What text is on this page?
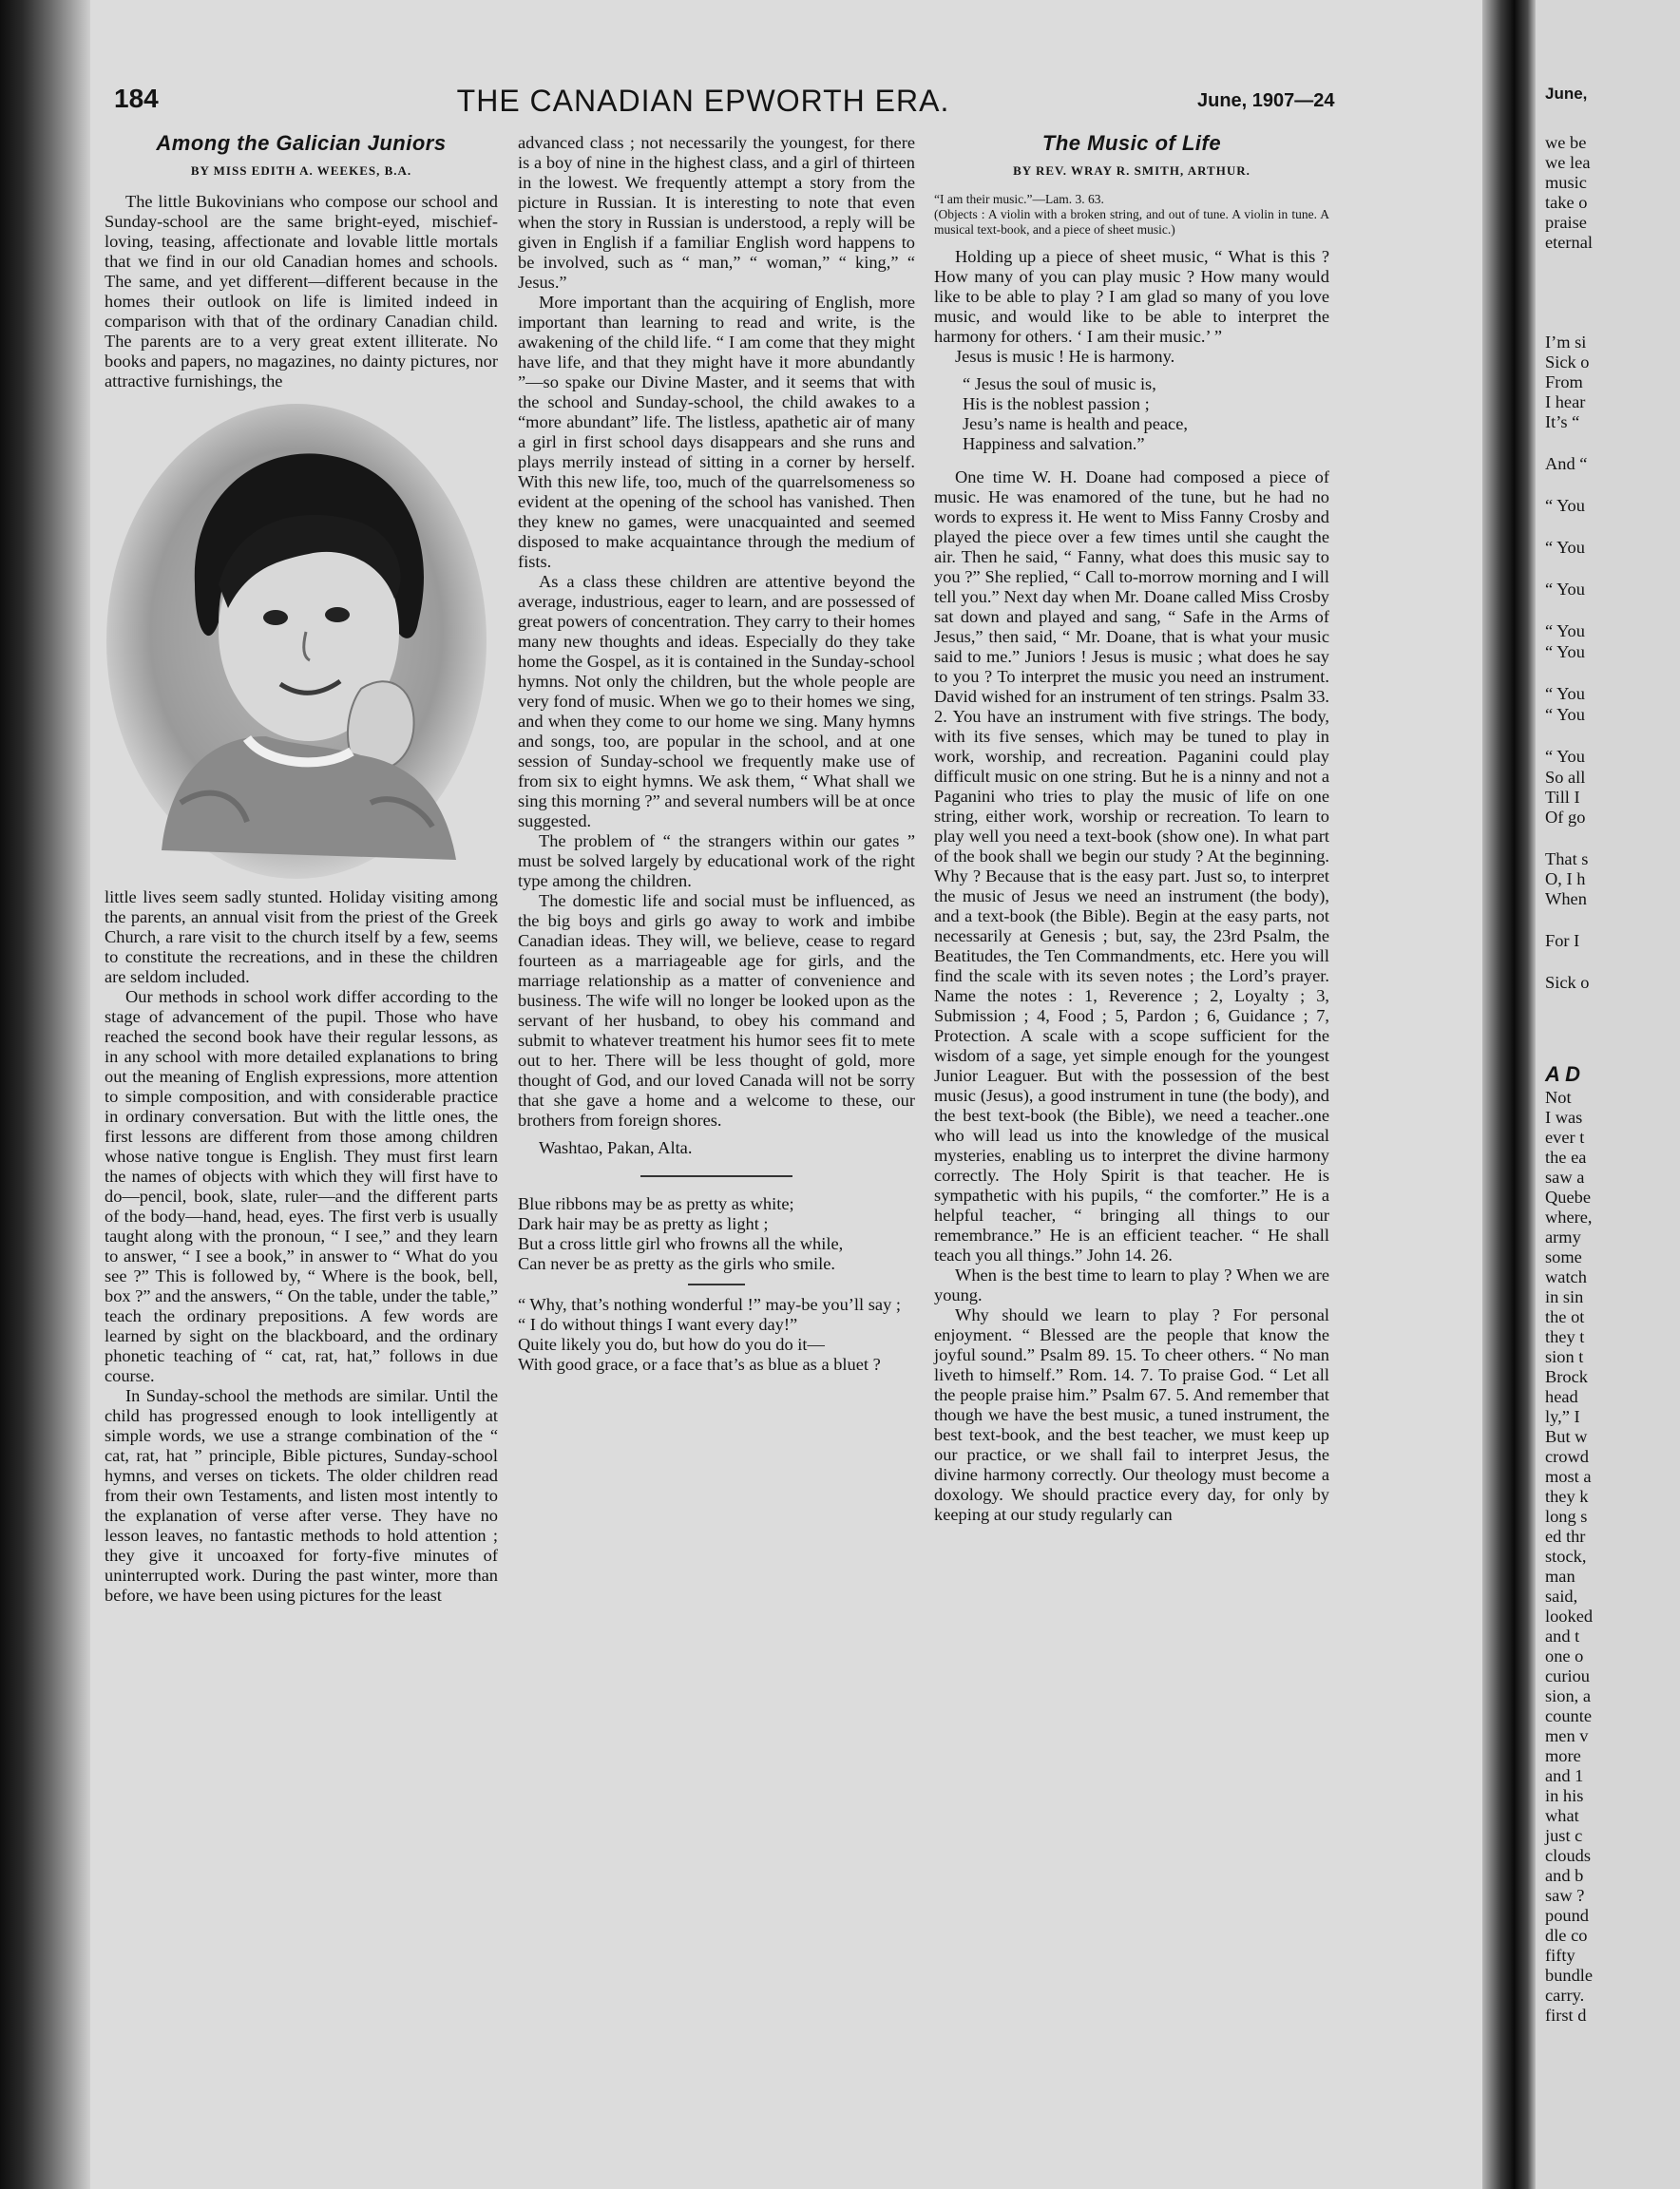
184	THE CANADIAN EPWORTH ERA.	June, 1907—24
Among the Galician Juniors

BY MISS EDITH A. WEEKES, B.A.

The little Bukovinians who compose our school and Sunday-school are the same bright-eyed, mischief-loving, teasing, affectionate and lovable little mortals that we find in our old Canadian homes and schools. The same, and yet different—different because in the homes their outlook on life is limited indeed in comparison with that of the ordinary Canadian child. The parents are to a very great extent illiterate. No books and papers, no magazines, no dainty pictures, nor attractive furnishings, the

little lives seem sadly stunted. Holiday visiting among the parents, an annual visit from the priest of the Greek Church, a rare visit to the church itself by a few, seems to constitute the recreations, and in these the children are seldom included.

Our methods in school work differ according to the stage of advancement of the pupil. Those who have reached the second book have their regular lessons, as in any school with more detailed explanations to bring out the meaning of English expressions, more attention to simple composition, and with considerable practice in ordinary conversation. But with the little ones, the first lessons are different from those among children whose native tongue is English. They must first learn the names of objects with which they will first have to do—pencil, book, slate, ruler—and the different parts of the body—hand, head, eyes. The first verb is usually taught along with the pronoun, “ I see,” and they learn to answer, “ I see a book,” in answer to “ What do you see ?” This is followed by, “ Where is the book, bell, box ?” and the answers, “ On the table, under the table,” teach the ordinary prepositions. A few words are learned by sight on the blackboard, and the ordinary phonetic teaching of “ cat, rat, hat,” follows in due course.

In Sunday-school the methods are similar. Until the child has progressed enough to look intelligently at simple words, we use a strange combination of the “ cat, rat, hat ” principle, Bible pictures, Sunday-school hymns, and verses on tickets. The older children read from their own Testaments, and listen most intently to the explanation of verse after verse. They have no lesson leaves, no fantastic methods to hold attention ; they give it uncoaxed for forty-five minutes of uninterrupted work. During the past winter, more than before, we have been using pictures for the least

advanced class ; not necessarily the youngest, for there is a boy of nine in the highest class, and a girl of thirteen in the lowest. We frequently attempt a story from the picture in Russian. It is interesting to note that even when the story in Russian is understood, a reply will be given in English if a familiar English word happens to be involved, such as “ man,” “ woman,” “ king,” “ Jesus.”

More important than the acquiring of English, more important than learning to read and write, is the awakening of the child life. “ I am come that they might have life, and that they might have it more abundantly ”—so spake our Divine Master, and it seems that with the school and Sunday-school, the child awakes to a “more abundant” life. The listless, apathetic air of many a girl in first school days disappears and she runs and plays merrily instead of sitting in a corner by herself. With this new life, too, much of the quarrelsomeness so evident at the opening of the school has vanished. Then they knew no games, were unacquainted and seemed disposed to make acquaintance through the medium of fists.

As a class these children are attentive beyond the average, industrious, eager to learn, and are possessed of great powers of concentration. They carry to their homes many new thoughts and ideas. Especially do they take home the Gospel, as it is contained in the Sunday-school hymns. Not only the children, but the whole people are very fond of music. When we go to their homes we sing, and when they come to our home we sing. Many hymns and songs, too, are popular in the school, and at one session of Sunday-school we frequently make use of from six to eight hymns. We ask them, “ What shall we sing this morning ?” and several numbers will be at once suggested.

The problem of “ the strangers within our gates ” must be solved largely by educational work of the right type among the children.

The domestic life and social must be influenced, as the big boys and girls go away to work and imbibe Canadian ideas. They will, we believe, cease to regard fourteen as a marriageable age for girls, and the marriage relationship as a matter of convenience and business. The wife will no longer be looked upon as the servant of her husband, to obey his command and submit to whatever treatment his humor sees fit to mete out to her. There will be less thought of gold, more thought of God, and our loved Canada will not be sorry that she gave a home and a welcome to these, our brothers from foreign shores.

Washtao, Pakan, Alta.

Blue ribbons may be as pretty as white;
Dark hair may be as pretty as light ;
But a cross little girl who frowns all the while,
Can never be as pretty as the girls who smile.
“ Why, that’s nothing wonderful !” may-be you’ll say ;
“ I do without things I want every day!”
Quite likely you do, but how do you do it—
With good grace, or a face that’s as blue as a bluet ?
The Music of Life

BY REV. WRAY R. SMITH, ARTHUR.

“I am their music.”—Lam. 3. 63.

(Objects : A violin with a broken string, and out of tune. A violin in tune. A musical text-book, and a piece of sheet music.)

Holding up a piece of sheet music, “ What is this ? How many of you can play music ? How many would like to be able to play ? I am glad so many of you love music, and would like to be able to interpret the harmony for others. ‘ I am their music.’ ”

Jesus is music ! He is harmony.

“ Jesus the soul of music is,
His is the noblest passion ;
Jesu’s name is health and peace,
Happiness and salvation.”

One time W. H. Doane had composed a piece of music. He was enamored of the tune, but he had no words to express it. He went to Miss Fanny Crosby and played the piece over a few times until she caught the air. Then he said, “ Fanny, what does this music say to you ?” She replied, “ Call to-morrow morning and I will tell you.” Next day when Mr. Doane called Miss Crosby sat down and played and sang, “ Safe in the Arms of Jesus,” then said, “ Mr. Doane, that is what your music said to me.” Juniors ! Jesus is music ; what does he say to you ? To interpret the music you need an instrument. David wished for an instrument of ten strings. Psalm 33. 2. You have an instrument with five strings. The body, with its five senses, which may be tuned to play in work, worship, and recreation. Paganini could play difficult music on one string. But he is a ninny and not a Paganini who tries to play the music of life on one string, either work, worship or recreation. To learn to play well you need a text-book (show one). In what part of the book shall we begin our study ? At the beginning. Why ? Because that is the easy part. Just so, to interpret the music of Jesus we need an instrument (the body), and a text-book (the Bible). Begin at the easy parts, not necessarily at Genesis ; but, say, the 23rd Psalm, the Beatitudes, the Ten Commandments, etc. Here you will find the scale with its seven notes ; the Lord’s prayer. Name the notes : 1, Reverence ; 2, Loyalty ; 3, Submission ; 4, Food ; 5, Pardon ; 6, Guidance ; 7, Protection. A scale with a scope sufficient for the wisdom of a sage, yet simple enough for the youngest Junior Leaguer. But with the possession of the best music (Jesus), a good instrument in tune (the body), and the best text-book (the Bible), we need a teacher..one who will lead us into the knowledge of the musical mysteries, enabling us to interpret the divine harmony correctly. The Holy Spirit is that teacher. He is sympathetic with his pupils, “ the comforter.” He is a helpful teacher, “ bringing all things to our remembrance.” He is an efficient teacher. “ He shall teach you all things.” John 14. 26.

When is the best time to learn to play ? When we are young.

Why should we learn to play ? For personal enjoyment. “ Blessed are the people that know the joyful sound.” Psalm 89. 15. To cheer others. “ No man liveth to himself.” Rom. 14. 7. To praise God. “ Let all the people praise him.” Psalm 67. 5. And remember that though we have the best music, a tuned instrument, the best text-book, and the best teacher, we must keep up our practice, or we shall fail to interpret Jesus, the divine harmony correctly. Our theology must become a doxology. We should practice every day, for only by keeping at our study regularly can

June,
we be
we lea
music
take o
praise
eternal
I’m si
Sick o
From
I hear
It’s “
And “
“ You
“ You
“ You
“ You
“ You
“ You
“ You
“ You
So all
Till I
Of go
That s
O, I h
When
For I
Sick o
A D
Not
I was
ever t
the ea
saw a
Quebe
where,
army
some
watch
in sin
the ot
they t
sion t
Brock
head
ly,” I
But w
crowd
most a
they k
long s
ed thr
stock,
man
said,
looked
and t
one o
curiou
sion, a
counte
men v
more
and 1
in his
what
just c
clouds
and b
saw ?
pound
dle co
fifty
bundle
carry.
first d
